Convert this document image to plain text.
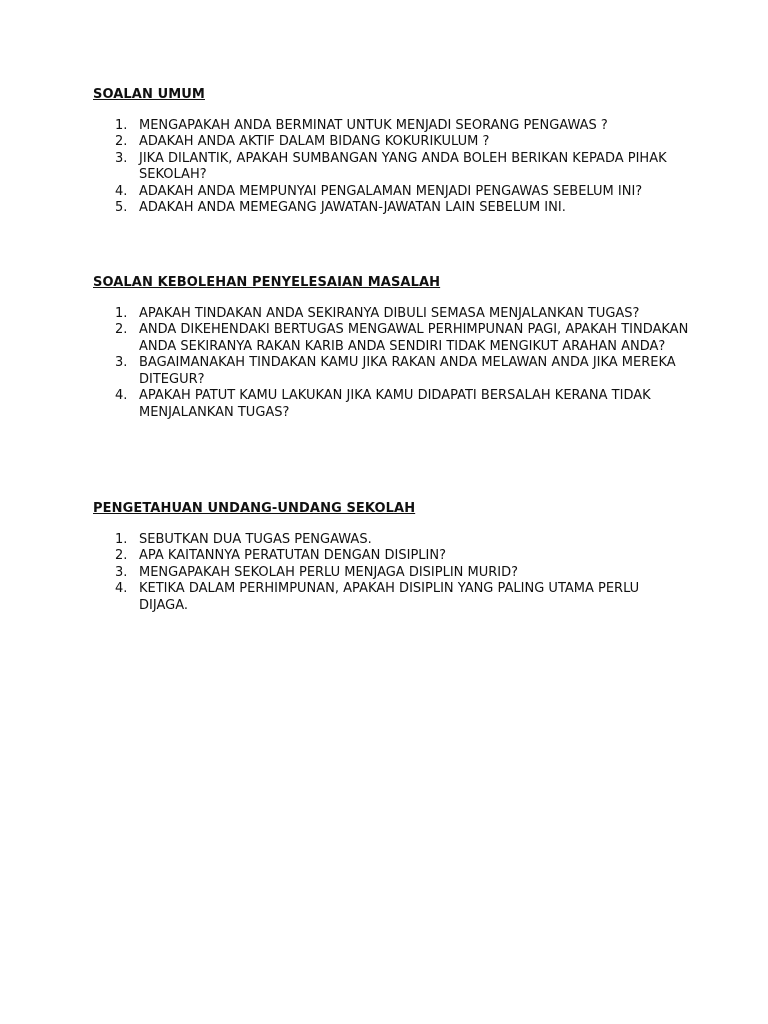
SOALAN UMUM

1. MENGAPAKAH ANDA BERMINAT UNTUK MENJADI SEORANG PENGAWAS ?
2. ADAKAH ANDA AKTIF DALAM BIDANG KOKURIKULUM ?
3. JIKA DILANTIK, APAKAH SUMBANGAN YANG ANDA BOLEH BERIKAN KEPADA PIHAK SEKOLAH?
4. ADAKAH ANDA MEMPUNYAI PENGALAMAN MENJADI PENGAWAS SEBELUM INI?
5. ADAKAH ANDA MEMEGANG JAWATAN-JAWATAN LAIN SEBELUM INI.

SOALAN KEBOLEHAN PENYELESAIAN MASALAH

1. APAKAH TINDAKAN ANDA SEKIRANYA DIBULI SEMASA MENJALANKAN TUGAS?
2. ANDA DIKEHENDAKI BERTUGAS MENGAWAL PERHIMPUNAN PAGI, APAKAH TINDAKAN ANDA SEKIRANYA RAKAN KARIB ANDA SENDIRI TIDAK MENGIKUT ARAHAN ANDA?
3. BAGAIMANAKAH TINDAKAN KAMU JIKA RAKAN ANDA MELAWAN ANDA JIKA MEREKA DITEGUR?
4. APAKAH PATUT KAMU LAKUKAN JIKA KAMU DIDAPATI BERSALAH KERANA TIDAK MENJALANKAN TUGAS?

PENGETAHUAN UNDANG-UNDANG SEKOLAH

1. SEBUTKAN DUA TUGAS PENGAWAS.
2. APA KAITANNYA PERATUTAN DENGAN DISIPLIN?
3. MENGAPAKAH SEKOLAH PERLU MENJAGA DISIPLIN MURID?
4. KETIKA DALAM PERHIMPUNAN, APAKAH DISIPLIN YANG PALING UTAMA PERLU DIJAGA.
